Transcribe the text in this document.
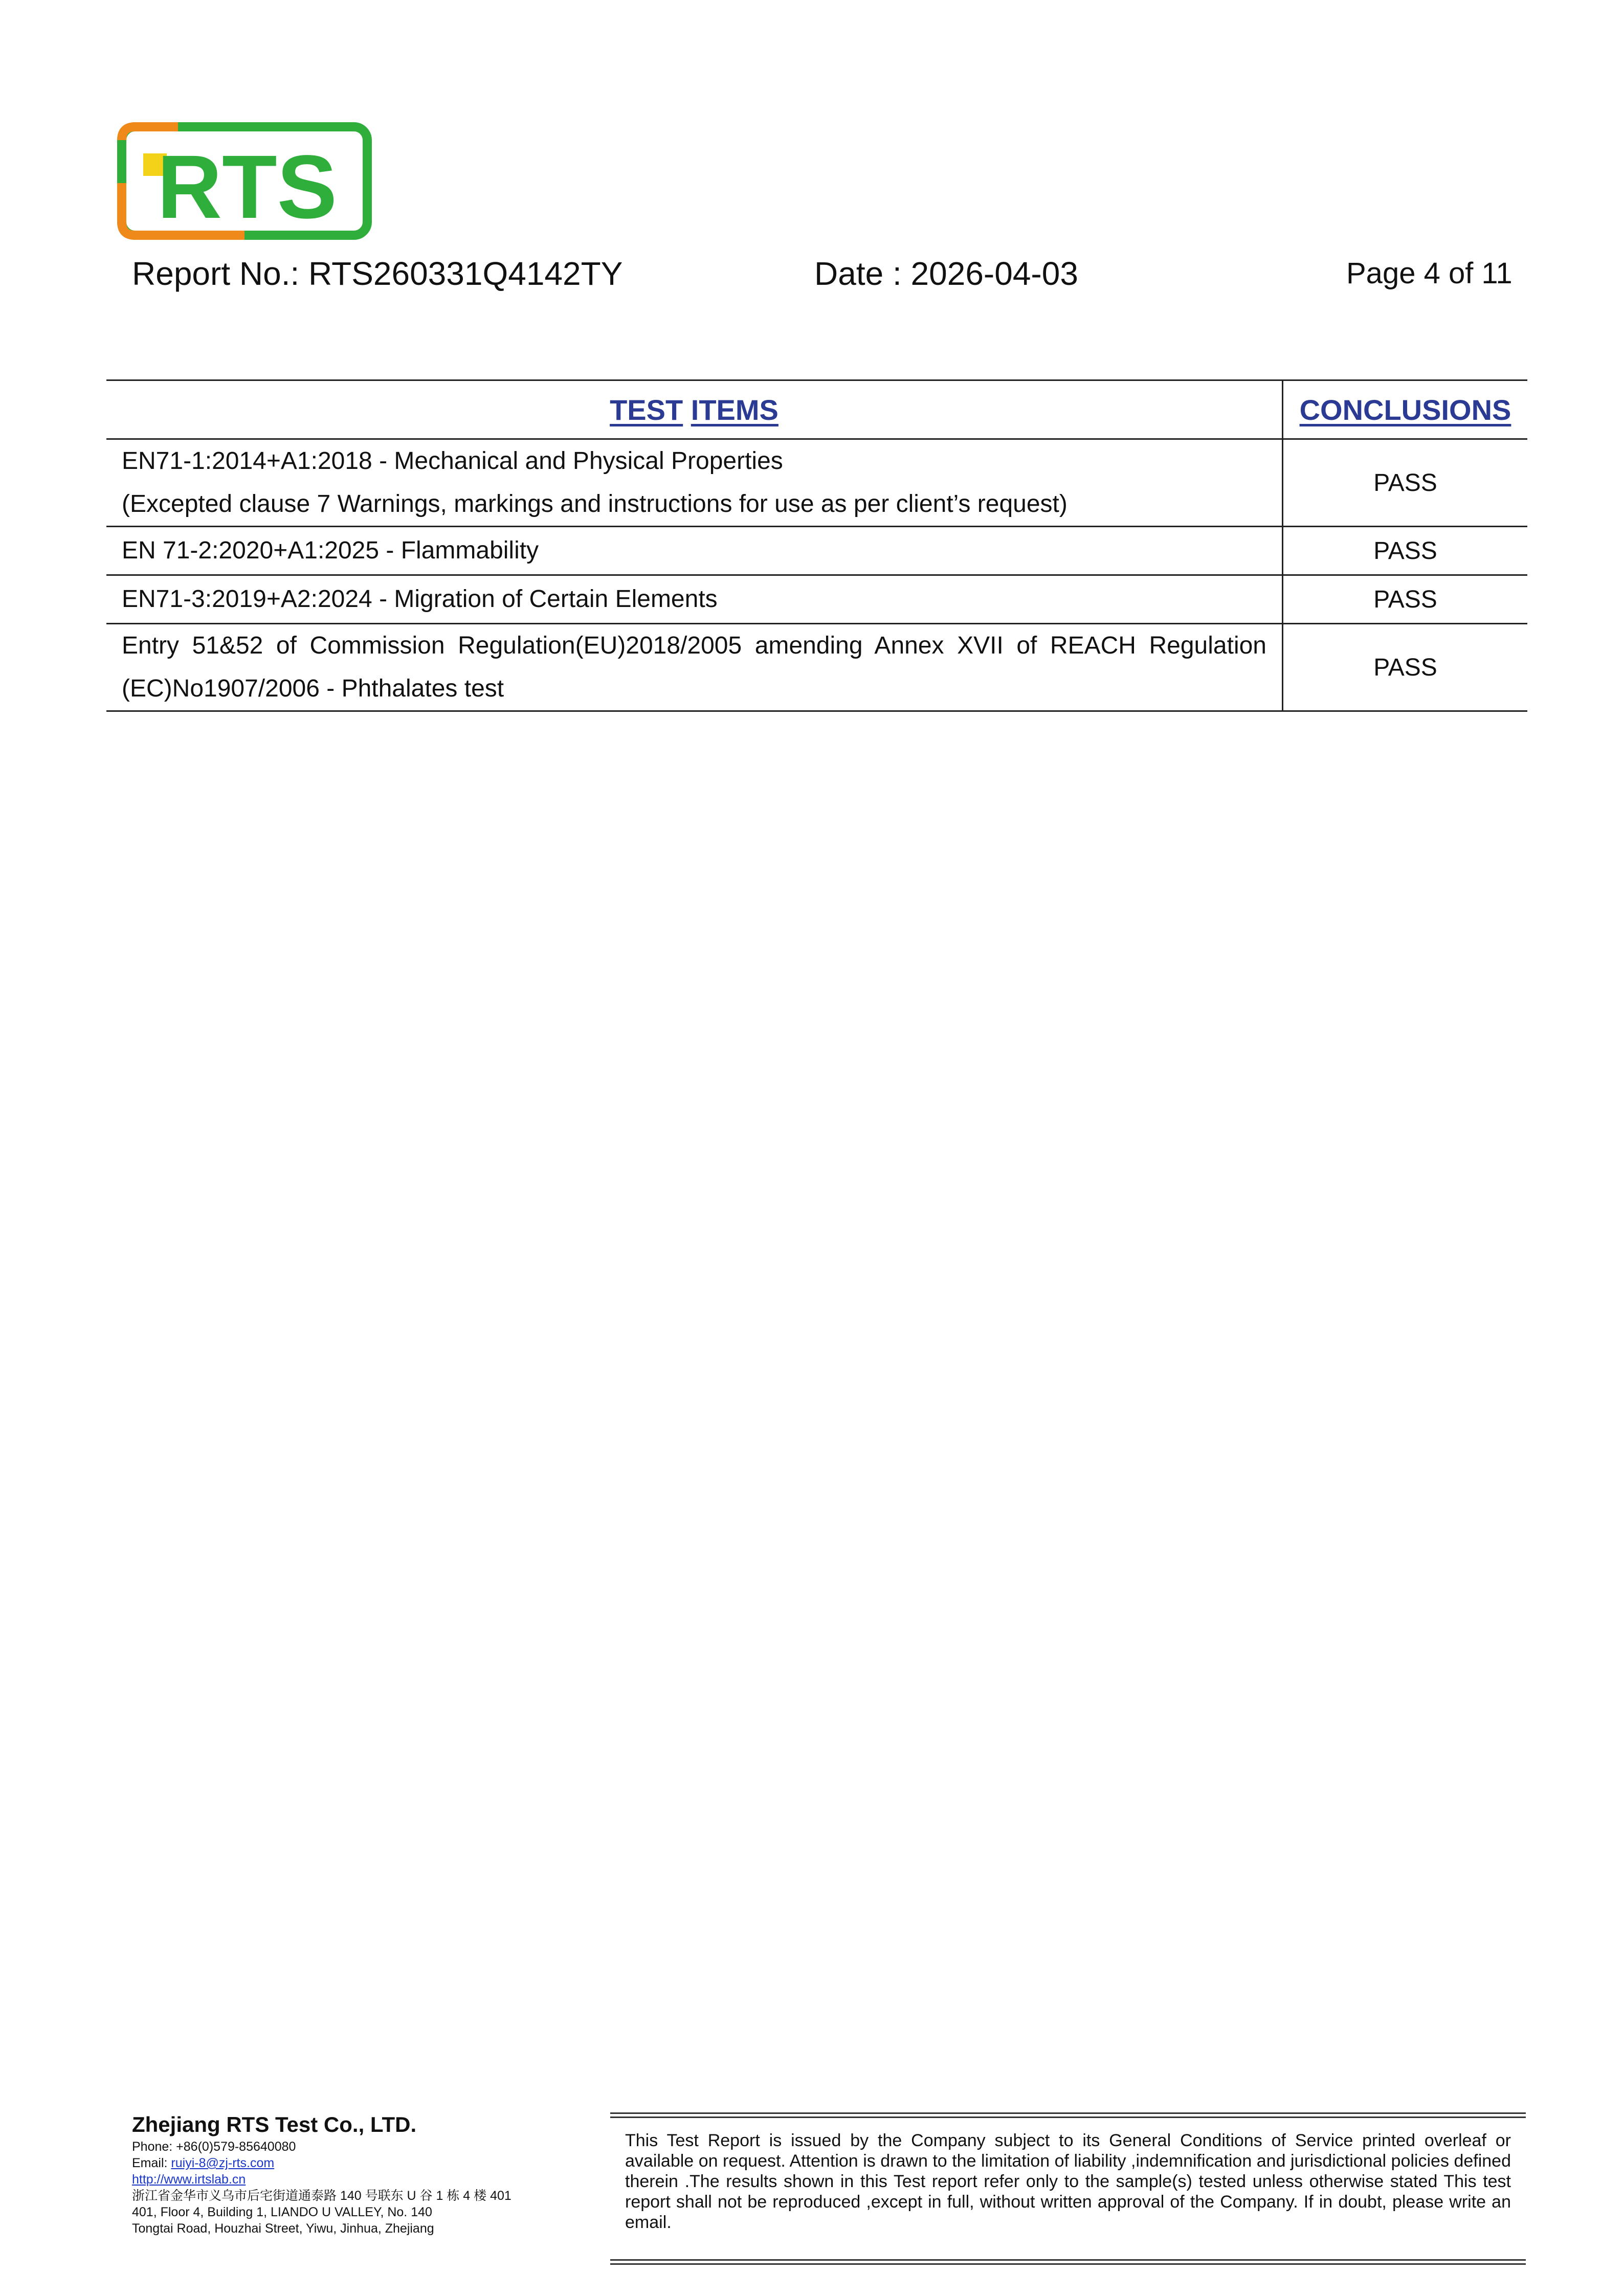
RTS
Report No.: RTS260331Q4142TY	Date : 2026-04-03	Page 4 of 11
TEST ITEMS	CONCLUSIONS

EN71-1:2014+A1:2018 - Mechanical and Physical Properties
(Excepted clause 7 Warnings, markings and instructions for use as per client’s request)	PASS

EN 71-2:2020+A1:2025 - Flammability	PASS

EN71-3:2019+A2:2024 - Migration of Certain Elements	PASS

Entry 51&52 of Commission Regulation(EU)2018/2005 amending Annex XVII of REACH Regulation
(EC)No1907/2006 - Phthalates test	PASS
Zhejiang RTS Test Co., LTD.
Phone: +86(0)579-85640080
Email: ruiyi-8@zj-rts.com
http://www.irtslab.cn
浙江省金华市义乌市后宅街道通泰路 140 号联东 U 谷 1 栋 4 楼 401
401, Floor 4, Building 1, LIANDO U VALLEY, No. 140
Tongtai Road, Houzhai Street, Yiwu, Jinhua, Zhejiang
This Test Report is issued by the Company subject to its General Conditions of Service printed overleaf or available on request. Attention is drawn to the limitation of liability ,indemnification and jurisdictional policies defined therein .The results shown in this Test report refer only to the sample(s) tested unless otherwise stated This test report shall not be reproduced ,except in full, without written approval of the Company. If in doubt, please write an email.
